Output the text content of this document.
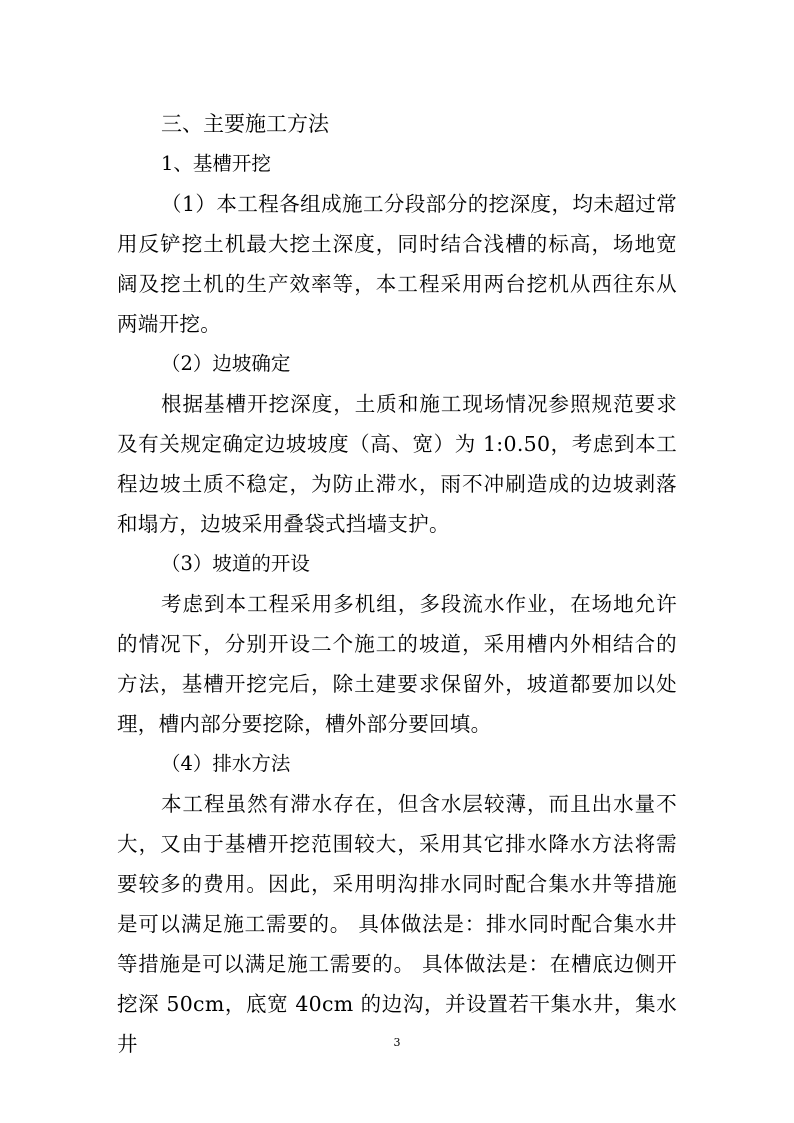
三、主要施工方法
1、基槽开挖

（1）本工程各组成施工分段部分的挖深度，均未超过常用反铲挖土机最大挖土深度，同时结合浅槽的标高，场地宽阔及挖土机的生产效率等，本工程采用两台挖机从西往东从两端开挖。

（2）边坡确定

根据基槽开挖深度，土质和施工现场情况参照规范要求及有关规定确定边坡坡度（高、宽）为 1:0.50，考虑到本工程边坡土质不稳定，为防止滞水，雨不冲刷造成的边坡剥落和塌方，边坡采用叠袋式挡墙支护。

（3）坡道的开设

考虑到本工程采用多机组，多段流水作业，在场地允许的情况下，分别开设二个施工的坡道，采用槽内外相结合的方法，基槽开挖完后，除土建要求保留外，坡道都要加以处理，槽内部分要挖除，槽外部分要回填。

（4）排水方法

本工程虽然有滞水存在，但含水层较薄，而且出水量不大，又由于基槽开挖范围较大，采用其它排水降水方法将需要较多的费用。因此，采用明沟排水同时配合集水井等措施是可以满足施工需要的。 具体做法是：排水同时配合集水井等措施是可以满足施工需要的。 具体做法是：在槽底边侧开挖深 50cm，底宽 40cm 的边沟，并设置若干集水井，集水井	3
